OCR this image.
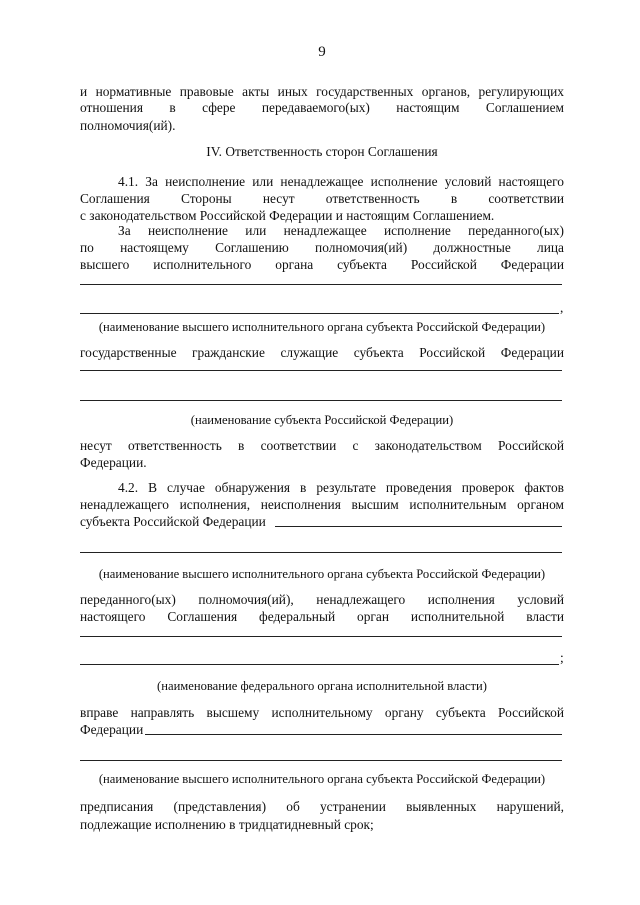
9

и нормативные правовые акты иных государственных органов, регулирующих

отношения в сфере передаваемого(ых) настоящим Соглашением

полномочия(ий).

IV. Ответственность сторон Соглашения

4.1. За неисполнение или ненадлежащее исполнение условий настоящего

Соглашения Стороны несут ответственность в соответствии

с законодательством Российской Федерации и настоящим Соглашением.

За неисполнение или ненадлежащее исполнение переданного(ых)

по настоящему Соглашению полномочия(ий) должностные лица

высшего исполнительного органа субъекта Российской Федерации

,
(наименование высшего исполнительного органа субъекта Российской Федерации)

государственные гражданские служащие субъекта Российской Федерации

(наименование субъекта Российской Федерации)

несут ответственность в соответствии с законодательством Российской

Федерации.

4.2. В случае обнаружения в результате проведения проверок фактов

ненадлежащего исполнения, неисполнения высшим исполнительным органом

субъекта Российской Федерации

(наименование высшего исполнительного органа субъекта Российской Федерации)

переданного(ых) полномочия(ий), ненадлежащего исполнения условий

настоящего Соглашения федеральный орган исполнительной власти

;
(наименование федерального органа исполнительной власти)

вправе направлять высшему исполнительному органу субъекта Российской

Федерации

(наименование высшего исполнительного органа субъекта Российской Федерации)

предписания (представления) об устранении выявленных нарушений,

подлежащие исполнению в тридцатидневный срок;
